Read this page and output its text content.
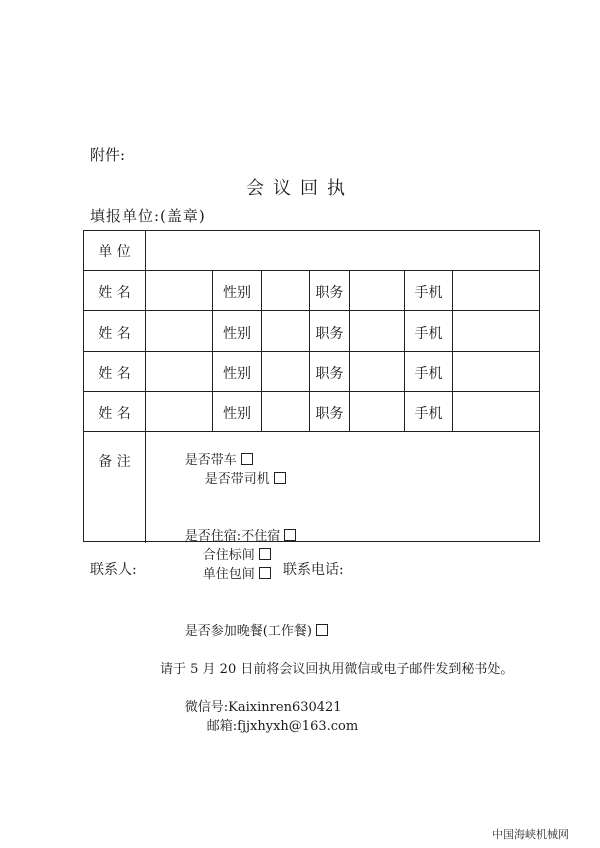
附件:
会议回执
填报单位:(盖章)
单 位
姓 名	性别	职务	手机
姓 名	性别	职务	手机
姓 名	性别	职务	手机
姓 名	性别	职务	手机
备 注	是否带车
是否带司机

是否住宿:不住宿
合住标间
单住包间

是否参加晚餐(工作餐)

请于 5 月 20 日前将会议回执用微信或电子邮件发到秘书处。

微信号:Kaixinren630421
邮箱:fjjxhyxh@163.com

联系人:	联系电话:
中国海峡机械网
